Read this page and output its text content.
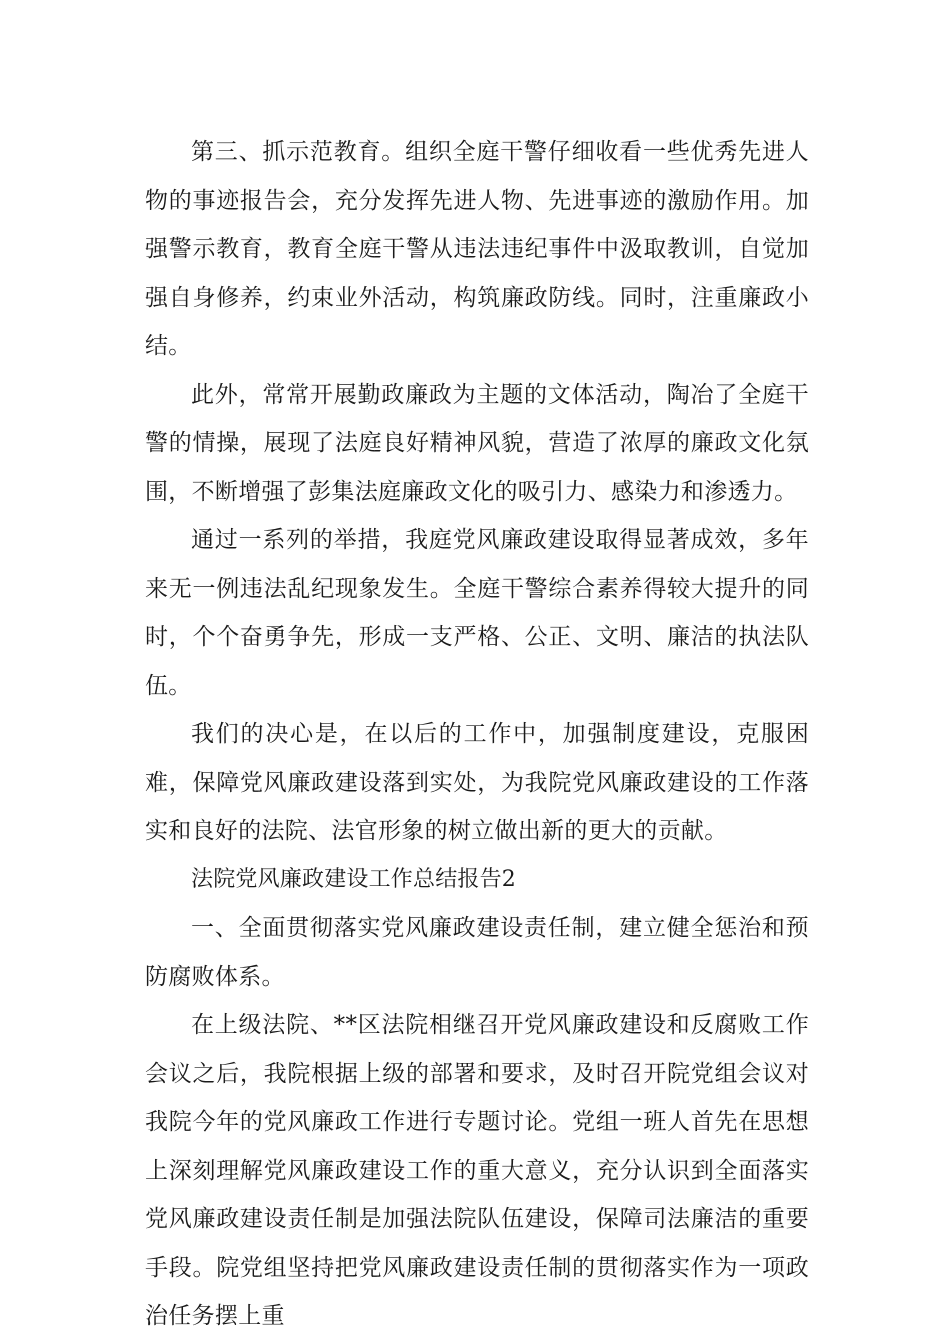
第三、抓示范教育。组织全庭干警仔细收看一些优秀先进人物的事迹报告会，充分发挥先进人物、先进事迹的激励作用。加强警示教育，教育全庭干警从违法违纪事件中汲取教训，自觉加强自身修养，约束业外活动，构筑廉政防线。同时，注重廉政小结。

此外，常常开展勤政廉政为主题的文体活动，陶冶了全庭干警的情操，展现了法庭良好精神风貌，营造了浓厚的廉政文化氛围，不断增强了彭集法庭廉政文化的吸引力、感染力和渗透力。

通过一系列的举措，我庭党风廉政建设取得显著成效，多年来无一例违法乱纪现象发生。全庭干警综合素养得较大提升的同时，个个奋勇争先，形成一支严格、公正、文明、廉洁的执法队伍。

我们的决心是，在以后的工作中，加强制度建设，克服困难，保障党风廉政建设落到实处，为我院党风廉政建设的工作落实和良好的法院、法官形象的树立做出新的更大的贡献。

法院党风廉政建设工作总结报告2

一、全面贯彻落实党风廉政建设责任制，建立健全惩治和预防腐败体系。

在上级法院、**区法院相继召开党风廉政建设和反腐败工作会议之后，我院根据上级的部署和要求，及时召开院党组会议对我院今年的党风廉政工作进行专题讨论。党组一班人首先在思想上深刻理解党风廉政建设工作的重大意义，充分认识到全面落实党风廉政建设责任制是加强法院队伍建设，保障司法廉洁的重要手段。院党组坚持把党风廉政建设责任制的贯彻落实作为一项政治任务摆上重
